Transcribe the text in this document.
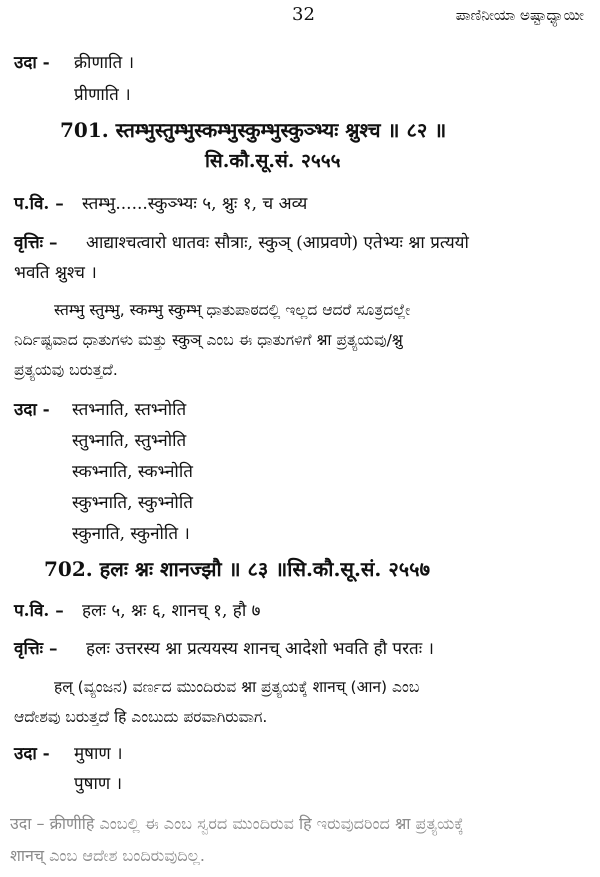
32	ಪಾಣಿನೀಯಾ ಅಷ್ಟಾಧ್ಯಾಯೀ
उदा - क्रीणाति ।
प्रीणाति ।
701. स्तम्भुस्तुम्भुस्कम्भुस्कुम्भुस्कुञ्भ्यः श्नुश्च ॥ ८२ ॥
सि.कौ.सू.सं. २५५५
प.वि. – स्तम्भु......स्कुञ्भ्यः ५, श्नुः १, च अव्य
वृत्तिः – आद्याश्चत्वारो धातवः सौत्राः, स्कुञ् (आप्रवणे) एतेभ्यः श्ना प्रत्ययो
भवति श्नुश्च ।
स्तम्भु स्तुम्भु, स्कम्भु स्कुम्भ् ಧಾತುಪಾಠದಲ್ಲಿ ಇಲ್ಲದ ಆದರೆ ಸೂತ್ರದಲ್ಲೇ
ನಿರ್ದಿಷ್ಟವಾದ ಧಾತುಗಳು ಮತ್ತು स्कुञ् ಎಂಬ ಈ ಧಾತುಗಳಿಗೆ श्ना ಪ್ರತ್ಯಯವು/श्नु
ಪ್ರತ್ಯಯವು ಬರುತ್ತದೆ.
उदा - स्तभ्नाति, स्तभ्नोति
स्तुभ्नाति, स्तुभ्नोति
स्कभ्नाति, स्कभ्नोति
स्कुभ्नाति, स्कुभ्नोति
स्कुनाति, स्कुनोति ।
702. हलः श्नः शानज्झौ ॥ ८३ ॥सि.कौ.सू.सं. २५५७
प.वि. – हलः ५, श्नः ६, शानच् १, हौ ७
वृत्तिः – हलः उत्तरस्य श्ना प्रत्ययस्य शानच् आदेशो भवति हौ परतः ।
हल् (ವ್ಯಂಜನ) ವರ್ಣದ ಮುಂದಿರುವ श्ना ಪ್ರತ್ಯಯಕ್ಕೆ शानच् (आन) ಎಂಬ
ಆದೇಶವು ಬರುತ್ತದೆ हि ಎಂಬುದು ಪರವಾಗಿರುವಾಗ.
उदा - मुषाण ।
पुषाण ।
उदा – क्रीणीहि ಎಂಬಲ್ಲಿ ಈ ಎಂಬ ಸ್ವರದ ಮುಂದಿರುವ हि ಇರುವುದರಿಂದ श्ना ಪ್ರತ್ಯಯಕ್ಕೆ
शानच् ಎಂಬ ಆದೇಶ ಬಂದಿರುವುದಿಲ್ಲ.
